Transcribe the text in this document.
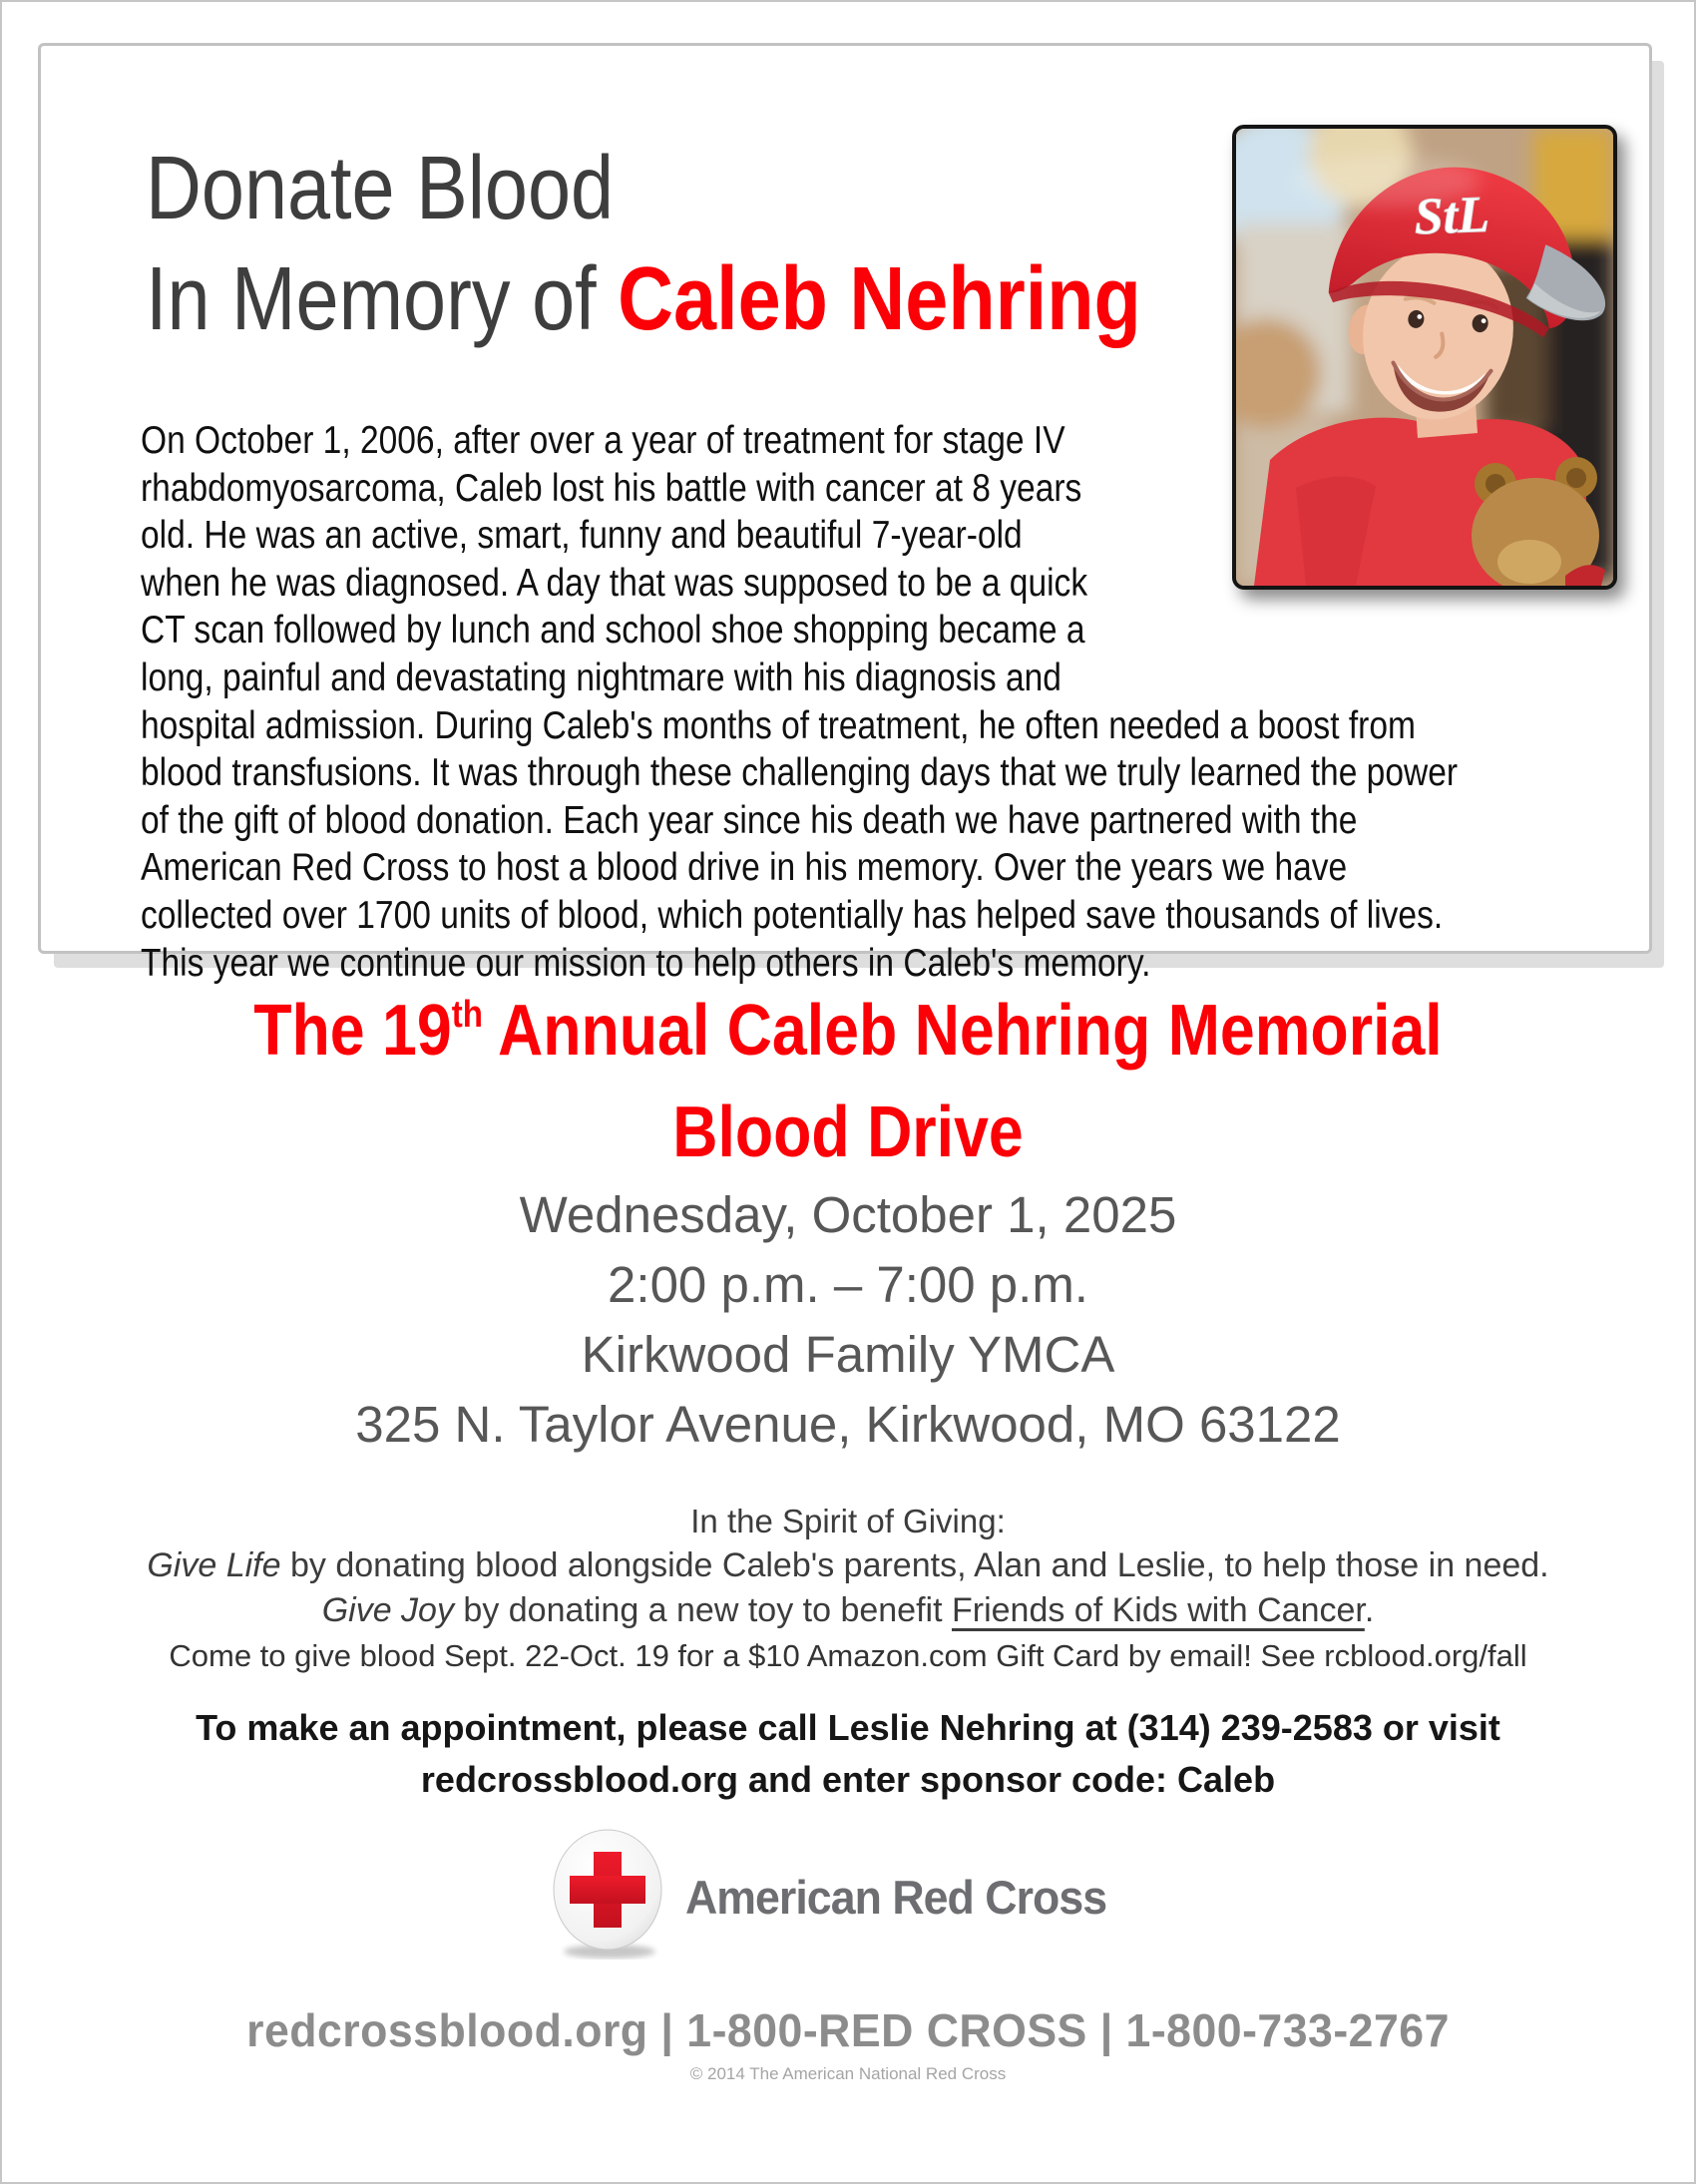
Donate Blood
In Memory of Caleb Nehring
On October 1, 2006, after over a year of treatment for stage IV
rhabdomyosarcoma, Caleb lost his battle with cancer at 8 years
old. He was an active, smart, funny and beautiful 7-year-old
when he was diagnosed. A day that was supposed to be a quick
CT scan followed by lunch and school shoe shopping became a
long, painful and devastating nightmare with his diagnosis and
hospital admission. During Caleb's months of treatment, he often needed a boost from
blood transfusions. It was through these challenging days that we truly learned the power
of the gift of blood donation. Each year since his death we have partnered with the
American Red Cross to host a blood drive in his memory. Over the years we have
collected over 1700 units of blood, which potentially has helped save thousands of lives.
This year we continue our mission to help others in Caleb's memory.
StL
The 19th Annual Caleb Nehring Memorial
Blood Drive
Wednesday, October 1, 2025
2:00 p.m. – 7:00 p.m.
Kirkwood Family YMCA
325 N. Taylor Avenue, Kirkwood, MO 63122
In the Spirit of Giving:
Give Life by donating blood alongside Caleb's parents, Alan and Leslie, to help those in need.
Give Joy by donating a new toy to benefit Friends of Kids with Cancer.
Come to give blood Sept. 22-Oct. 19 for a $10 Amazon.com Gift Card by email! See rcblood.org/fall
To make an appointment, please call Leslie Nehring at (314) 239-2583 or visit
redcrossblood.org and enter sponsor code: Caleb
American Red Cross
redcrossblood.org | 1-800-RED CROSS | 1-800-733-2767
© 2014 The American National Red Cross
